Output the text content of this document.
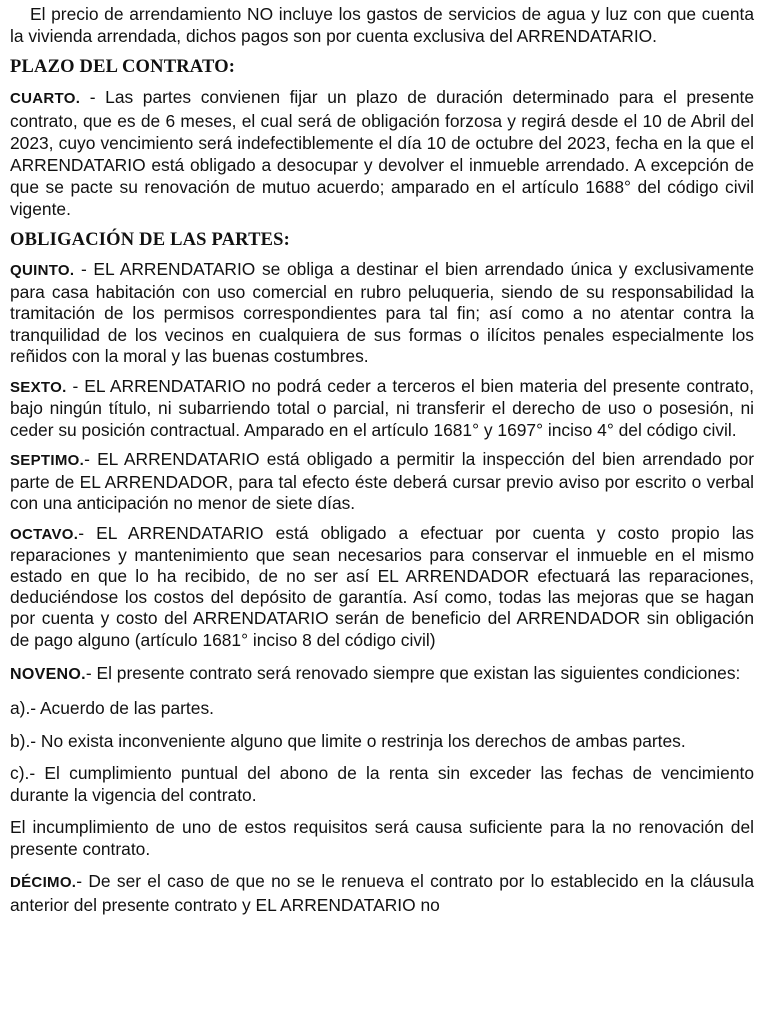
El precio de arrendamiento NO incluye los gastos de servicios de agua y luz con que cuenta la vivienda arrendada, dichos pagos son por cuenta exclusiva del ARRENDATARIO.

PLAZO DEL CONTRATO:

CUARTO. - Las partes convienen fijar un plazo de duración determinado para el presente contrato, que es de 6 meses, el cual será de obligación forzosa y regirá desde el 10 de Abril del 2023, cuyo vencimiento será indefectiblemente el día 10 de octubre del 2023, fecha en la que el ARRENDATARIO está obligado a desocupar y devolver el inmueble arrendado. A excepción de que se pacte su renovación de mutuo acuerdo; amparado en el artículo 1688° del código civil vigente.

OBLIGACIÓN DE LAS PARTES:

QUINTO. - EL ARRENDATARIO se obliga a destinar el bien arrendado única y exclusivamente para casa habitación con uso comercial en rubro peluqueria, siendo de su responsabilidad la tramitación de los permisos correspondientes para tal fin; así como a no atentar contra la tranquilidad de los vecinos en cualquiera de sus formas o ilícitos penales especialmente los reñidos con la moral y las buenas costumbres.

SEXTO. - EL ARRENDATARIO no podrá ceder a terceros el bien materia del presente contrato, bajo ningún título, ni subarriendo total o parcial, ni transferir el derecho de uso o posesión, ni ceder su posición contractual. Amparado en el artículo 1681° y 1697° inciso 4° del código civil.

SEPTIMO.- EL ARRENDATARIO está obligado a permitir la inspección del bien arrendado por parte de EL ARRENDADOR, para tal efecto éste deberá cursar previo aviso por escrito o verbal con una anticipación no menor de siete días.

OCTAVO.- EL ARRENDATARIO está obligado a efectuar por cuenta y costo propio las reparaciones y mantenimiento que sean necesarios para conservar el inmueble en el mismo estado en que lo ha recibido, de no ser así EL ARRENDADOR efectuará las reparaciones, deduciéndose los costos del depósito de garantía. Así como, todas las mejoras que se hagan por cuenta y costo del ARRENDATARIO serán de beneficio del ARRENDADOR sin obligación de pago alguno (artículo 1681° inciso 8 del código civil)

NOVENO.- El presente contrato será renovado siempre que existan las siguientes condiciones:

a).- Acuerdo de las partes.

b).- No exista inconveniente alguno que limite o restrinja los derechos de ambas partes.

c).- El cumplimiento puntual del abono de la renta sin exceder las fechas de vencimiento durante la vigencia del contrato.

El incumplimiento de uno de estos requisitos será causa suficiente para la no renovación del presente contrato.

DÉCIMO.- De ser el caso de que no se le renueva el contrato por lo establecido en la cláusula anterior del presente contrato y EL ARRENDATARIO no
